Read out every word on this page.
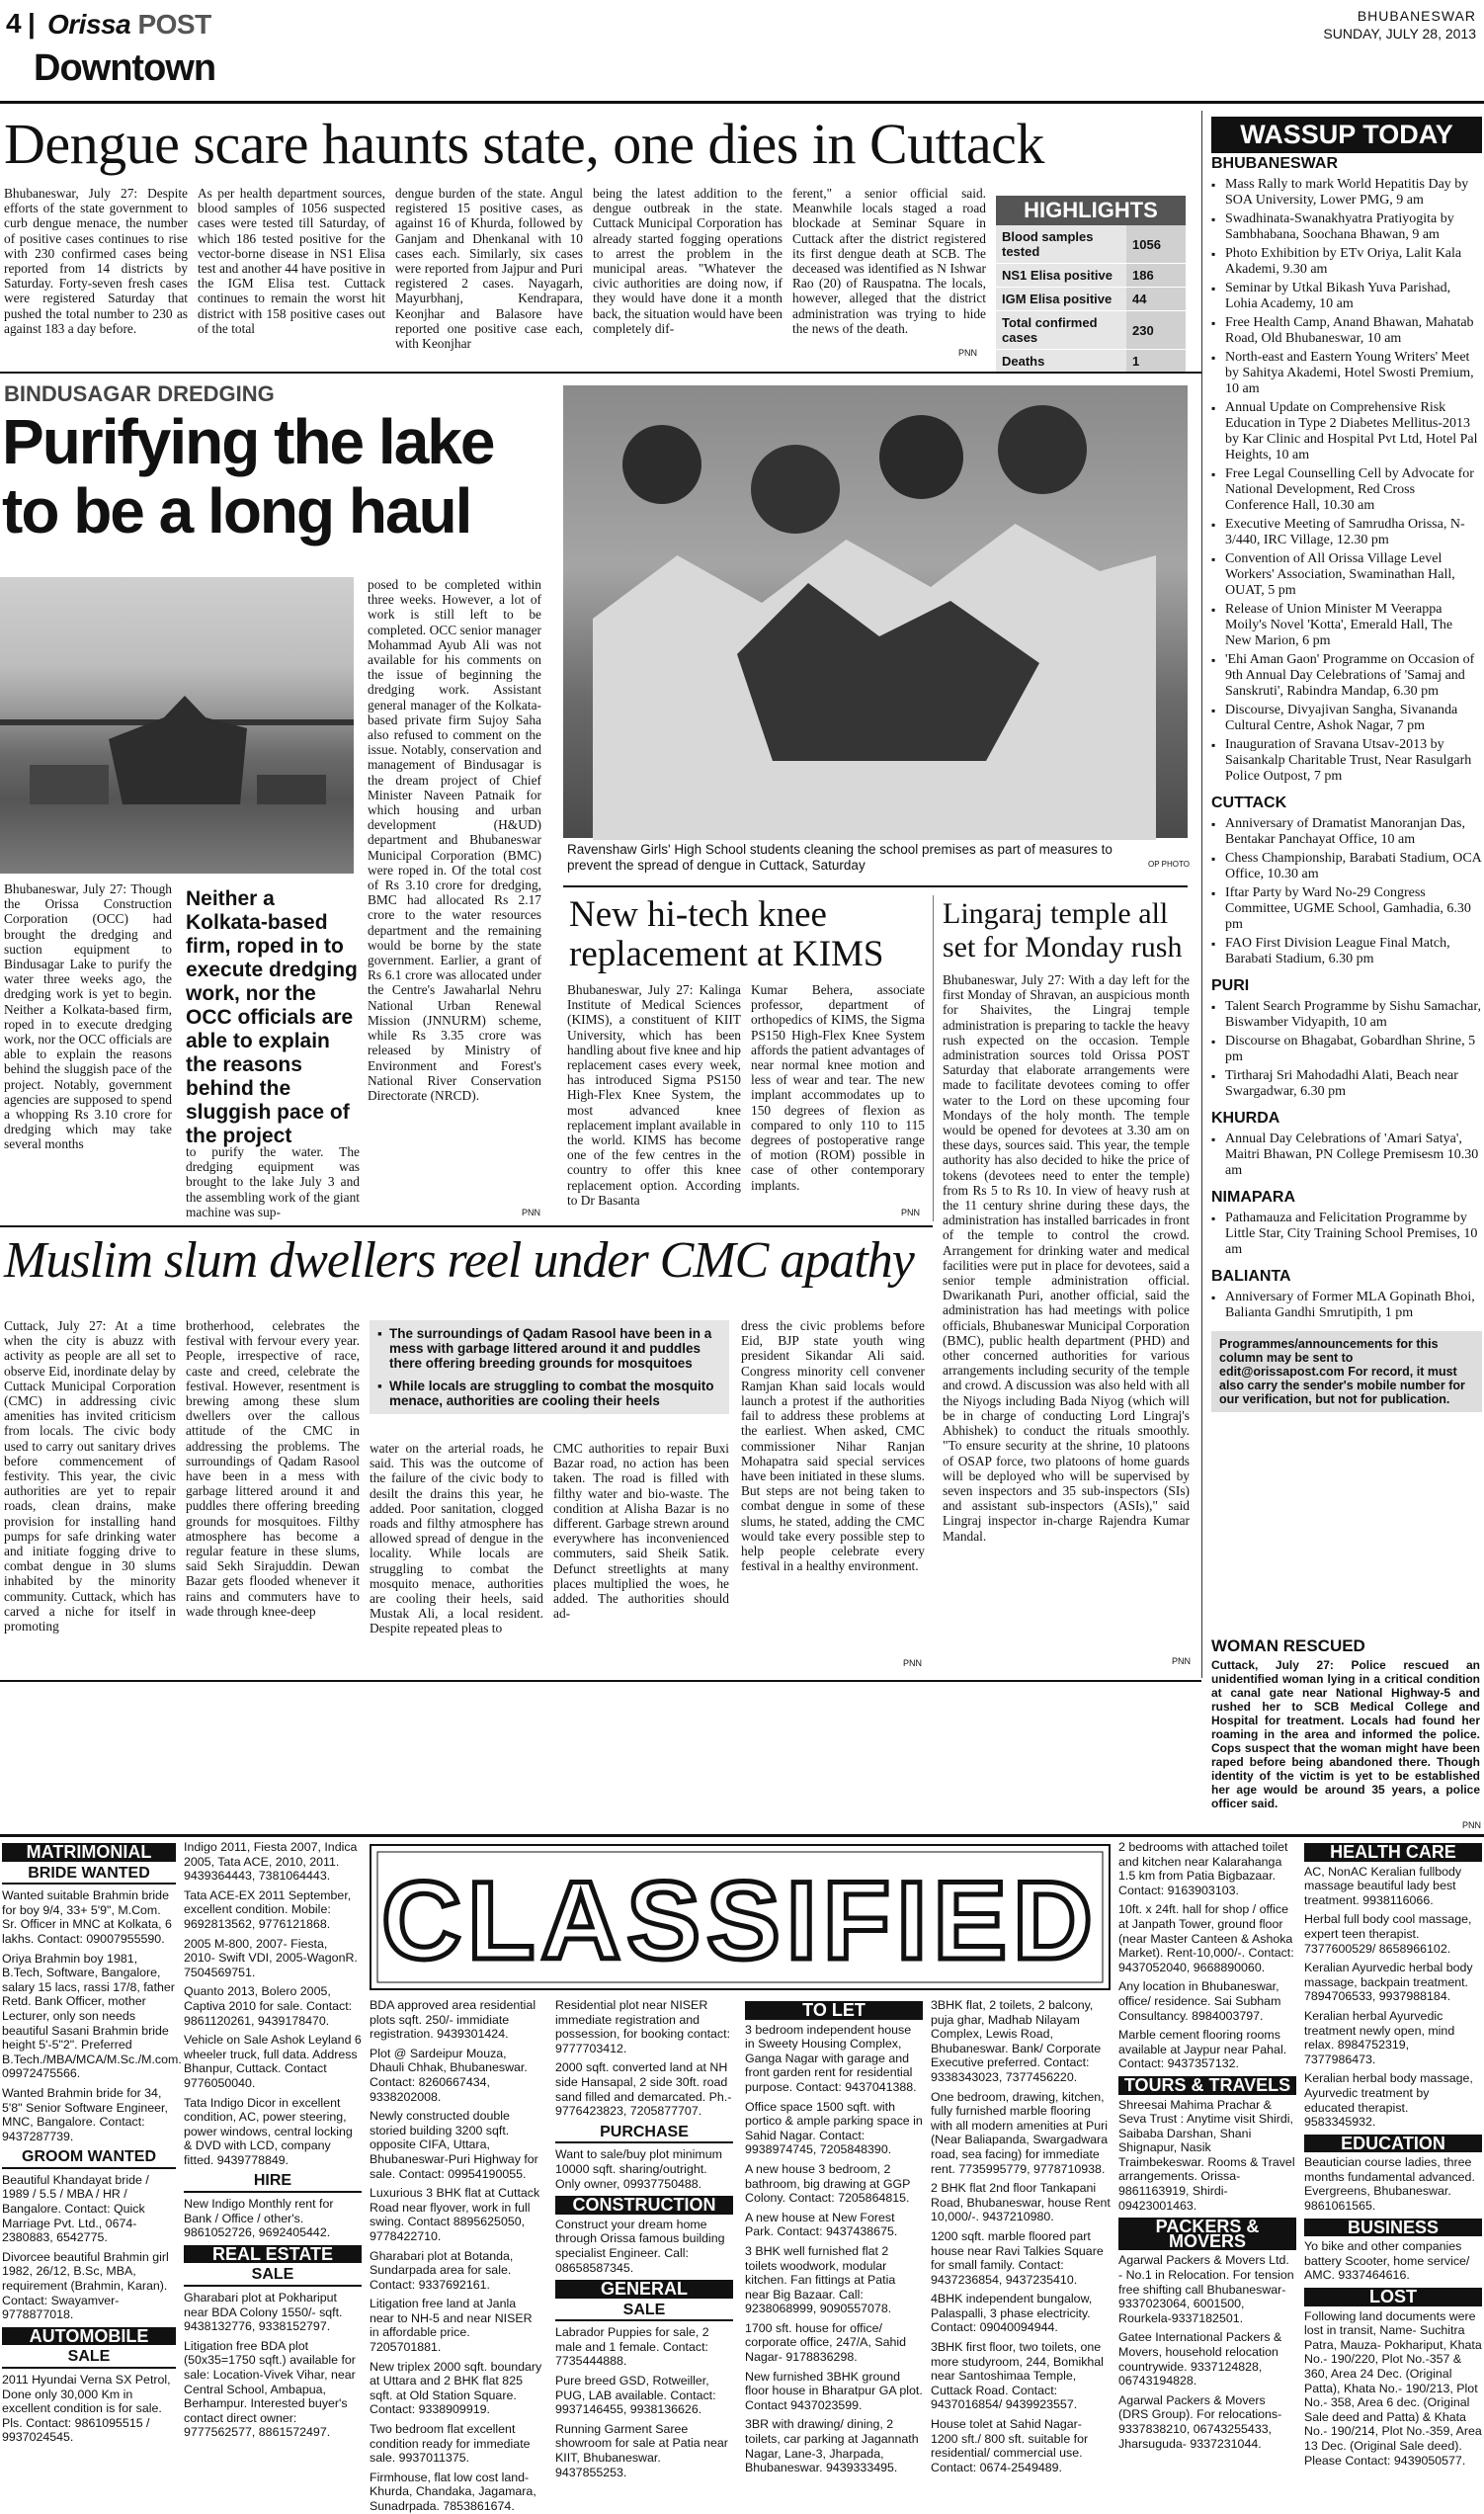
4 | Orissa POST
Downtown
BHUBANESWAR
SUNDAY, JULY 28, 2013
Dengue scare haunts state, one dies in Cuttack

Bhubaneswar, July 27: Despite efforts of the state government to curb dengue menace, the number of positive cases continues to rise with 230 confirmed cases being reported from 14 districts by Saturday. Forty-seven fresh cases were registered Saturday that pushed the total number to 230 as against 183 a day before.

As per health department sources, blood samples of 1056 suspected cases were tested till Saturday, of which 186 tested positive for the vector-borne disease in NS1 Elisa test and another 44 have positive in the IGM Elisa test. Cuttack continues to remain the worst hit district with 158 positive cases out of the total

dengue burden of the state. Angul registered 15 positive cases, as against 16 of Khurda, followed by Ganjam and Dhenkanal with 10 cases each. Similarly, six cases were reported from Jajpur and Puri registered 2 cases. Nayagarh, Mayurbhanj, Kendrapara, Keonjhar and Balasore have reported one positive case each, with Keonjhar

being the latest addition to the dengue outbreak in the state. Cuttack Municipal Corporation has already started fogging operations to arrest the problem in the municipal areas. "Whatever the civic authorities are doing now, if they would have done it a month back, the situation would have been completely dif-

ferent," a senior official said. Meanwhile locals staged a road blockade at Seminar Square in Cuttack after the district registered its first dengue death at SCB. The deceased was identified as N Ishwar Rao (20) of Rauspatna. The locals, however, alleged that the district administration was trying to hide the news of the death.

PNN
HIGHLIGHTS
Blood samples tested	1056
NS1 Elisa positive	186
IGM Elisa positive	44
Total confirmed cases	230
Deaths	1
BINDUSAGAR DREDGING
Purifying the lake
to be a long haul

Bhubaneswar, July 27: Though the Orissa Construction Corporation (OCC) had brought the dredging and suction equipment to Bindusagar Lake to purify the water three weeks ago, the dredging work is yet to begin. Neither a Kolkata-based firm, roped in to execute dredging work, nor the OCC officials are able to explain the reasons behind the sluggish pace of the project. Notably, government agencies are supposed to spend a whopping Rs 3.10 crore for dredging which may take several months

Neither a Kolkata-based firm, roped in to execute dredging work, nor the OCC officials are able to explain the reasons behind the sluggish pace of the project

to purify the water. The dredging equipment was brought to the lake July 3 and the assembling work of the giant machine was sup-

posed to be completed within three weeks. However, a lot of work is still left to be completed. OCC senior manager Mohammad Ayub Ali was not available for his comments on the issue of beginning the dredging work. Assistant general manager of the Kolkata-based private firm Sujoy Saha also refused to comment on the issue. Notably, conservation and management of Bindusagar is the dream project of Chief Minister Naveen Patnaik for which housing and urban development (H&UD) department and Bhubaneswar Municipal Corporation (BMC) were roped in. Of the total cost of Rs 3.10 crore for dredging, BMC had allocated Rs 2.17 crore to the water resources department and the remaining would be borne by the state government. Earlier, a grant of Rs 6.1 crore was allocated under the Centre's Jawaharlal Nehru National Urban Renewal Mission (JNNURM) scheme, while Rs 3.35 crore was released by Ministry of Environment and Forest's National River Conservation Directorate (NRCD).

PNN
Ravenshaw Girls' High School students cleaning the school premises as part of measures to prevent the spread of dengue in Cuttack, Saturday	OP PHOTO
New hi-tech knee replacement at KIMS

Bhubaneswar, July 27: Kalinga Institute of Medical Sciences (KIMS), a constituent of KIIT University, which has been handling about five knee and hip replacement cases every week, has introduced Sigma PS150 High-Flex Knee System, the most advanced knee replacement implant available in the world. KIMS has become one of the few centres in the country to offer this knee replacement option. According to Dr Basanta

Kumar Behera, associate professor, department of orthopedics of KIMS, the Sigma PS150 High-Flex Knee System affords the patient advantages of near normal knee motion and less of wear and tear. The new implant accommodates up to 150 degrees of flexion as compared to only 110 to 115 degrees of postoperative range of motion (ROM) possible in case of other contemporary implants.

PNN
Lingaraj temple all set for Monday rush

Bhubaneswar, July 27: With a day left for the first Monday of Shravan, an auspicious month for Shaivites, the Lingraj temple administration is preparing to tackle the heavy rush expected on the occasion. Temple administration sources told Orissa POST Saturday that elaborate arrangements were made to facilitate devotees coming to offer water to the Lord on these upcoming four Mondays of the holy month. The temple would be opened for devotees at 3.30 am on these days, sources said. This year, the temple authority has also decided to hike the price of tokens (devotees need to enter the temple) from Rs 5 to Rs 10. In view of heavy rush at the 11 century shrine during these days, the administration has installed barricades in front of the temple to control the crowd. Arrangement for drinking water and medical facilities were put in place for devotees, said a senior temple administration official. Dwarikanath Puri, another official, said the administration has had meetings with police officials, Bhubaneswar Municipal Corporation (BMC), public health department (PHD) and other concerned authorities for various arrangements including security of the temple and crowd. A discussion was also held with all the Niyogs including Bada Niyog (which will be in charge of conducting Lord Lingraj's Abhishek) to conduct the rituals smoothly. "To ensure security at the shrine, 10 platoons of OSAP force, two platoons of home guards will be deployed who will be supervised by seven inspectors and 35 sub-inspectors (SIs) and assistant sub-inspectors (ASIs)," said Lingraj inspector in-charge Rajendra Kumar Mandal.

PNN
Muslim slum dwellers reel under CMC apathy

Cuttack, July 27: At a time when the city is abuzz with activity as people are all set to observe Eid, inordinate delay by Cuttack Municipal Corporation (CMC) in addressing civic amenities has invited criticism from locals. The civic body used to carry out sanitary drives before commencement of festivity. This year, the civic authorities are yet to repair roads, clean drains, make provision for installing hand pumps for safe drinking water and initiate fogging drive to combat dengue in 30 slums inhabited by the minority community. Cuttack, which has carved a niche for itself in promoting

brotherhood, celebrates the festival with fervour every year. People, irrespective of race, caste and creed, celebrate the festival. However, resentment is brewing among these slum dwellers over the callous attitude of the CMC in addressing the problems. The surroundings of Qadam Rasool have been in a mess with garbage littered around it and puddles there offering breeding grounds for mosquitoes. Filthy atmosphere has become a regular feature in these slums, said Sekh Sirajuddin. Dewan Bazar gets flooded whenever it rains and commuters have to wade through knee-deep

▪ The surroundings of Qadam Rasool have been in a mess with garbage littered around it and puddles there offering breeding grounds for mosquitoes
▪ While locals are struggling to combat the mosquito menace, authorities are cooling their heels

water on the arterial roads, he said. This was the outcome of the failure of the civic body to desilt the drains this year, he added. Poor sanitation, clogged roads and filthy atmosphere has allowed spread of dengue in the locality. While locals are struggling to combat the mosquito menace, authorities are cooling their heels, said Mustak Ali, a local resident. Despite repeated pleas to

CMC authorities to repair Buxi Bazar road, no action has been taken. The road is filled with filthy water and bio-waste. The condition at Alisha Bazar is no different. Garbage strewn around everywhere has inconvenienced commuters, said Sheik Satik. Defunct streetlights at many places multiplied the woes, he added. The authorities should ad-

dress the civic problems before Eid, BJP state youth wing president Sikandar Ali said. Congress minority cell convener Ramjan Khan said locals would launch a protest if the authorities fail to address these problems at the earliest. When asked, CMC commissioner Nihar Ranjan Mohapatra said special services have been initiated in these slums. But steps are not being taken to combat dengue in some of these slums, he stated, adding the CMC would take every possible step to help people celebrate every festival in a healthy environment.

PNN
WASSUP TODAY
BHUBANESWAR
▪ Mass Rally to mark World Hepatitis Day by SOA University, Lower PMG, 9 am
▪ Swadhinata-Swanakhyatra Pratiyogita by Sambhabana, Soochana Bhawan, 9 am
▪ Photo Exhibition by ETv Oriya, Lalit Kala Akademi, 9.30 am
▪ Seminar by Utkal Bikash Yuva Parishad, Lohia Academy, 10 am
▪ Free Health Camp, Anand Bhawan, Mahatab Road, Old Bhubaneswar, 10 am
▪ North-east and Eastern Young Writers' Meet by Sahitya Akademi, Hotel Swosti Premium, 10 am
▪ Annual Update on Comprehensive Risk Education in Type 2 Diabetes Mellitus-2013 by Kar Clinic and Hospital Pvt Ltd, Hotel Pal Heights, 10 am
▪ Free Legal Counselling Cell by Advocate for National Development, Red Cross Conference Hall, 10.30 am
▪ Executive Meeting of Samrudha Orissa, N-3/440, IRC Village, 12.30 pm
▪ Convention of All Orissa Village Level Workers' Association, Swaminathan Hall, OUAT, 5 pm
▪ Release of Union Minister M Veerappa Moily's Novel 'Kotta', Emerald Hall, The New Marion, 6 pm
▪ 'Ehi Aman Gaon' Programme on Occasion of 9th Annual Day Celebrations of 'Samaj and Sanskruti', Rabindra Mandap, 6.30 pm
▪ Discourse, Divyajivan Sangha, Sivananda Cultural Centre, Ashok Nagar, 7 pm
▪ Inauguration of Sravana Utsav-2013 by Saisankalp Charitable Trust, Near Rasulgarh Police Outpost, 7 pm
CUTTACK
▪ Anniversary of Dramatist Manoranjan Das, Bentakar Panchayat Office, 10 am
▪ Chess Championship, Barabati Stadium, OCA Office, 10.30 am
▪ Iftar Party by Ward No-29 Congress Committee, UGME School, Gamhadia, 6.30 pm
▪ FAO First Division League Final Match, Barabati Stadium, 6.30 pm
PURI
▪ Talent Search Programme by Sishu Samachar, Biswamber Vidyapith, 10 am
▪ Discourse on Bhagabat, Gobardhan Shrine, 5 pm
▪ Tirtharaj Sri Mahodadhi Alati, Beach near Swargadwar, 6.30 pm
KHURDA
▪ Annual Day Celebrations of 'Amari Satya', Maitri Bhawan, PN College Premisesm 10.30 am
NIMAPARA
▪ Pathamauza and Felicitation Programme by Little Star, City Training School Premises, 10 am
BALIANTA
▪ Anniversary of Former MLA Gopinath Bhoi, Balianta Gandhi Smrutipith, 1 pm
Programmes/announcements for this column may be sent to edit@orissapost.com For record, it must also carry the sender's mobile number for our verification, but not for publication.
WOMAN RESCUED
Cuttack, July 27: Police rescued an unidentified woman lying in a critical condition at canal gate near National Highway-5 and rushed her to SCB Medical College and Hospital for treatment. Locals had found her roaming in the area and informed the police. Cops suspect that the woman might have been raped before being abandoned there. Though identity of the victim is yet to be established her age would be around 35 years, a police officer said.
PNN
MATRIMONIAL
BRIDE WANTED

Wanted suitable Brahmin bride for boy 9/4, 33+ 5'9", M.Com. Sr. Officer in MNC at Kolkata, 6 lakhs. Contact: 09007955590.

Oriya Brahmin boy 1981, B.Tech, Software, Bangalore, salary 15 lacs, rassi 17/8, father Retd. Bank Officer, mother Lecturer, only son needs beautiful Sasani Brahmin bride height 5'-5"2". Preferred B.Tech./MBA/MCA/M.Sc./M.com. 09972475566.

Wanted Brahmin bride for 34, 5'8" Senior Software Engineer, MNC, Bangalore. Contact: 9437287739.

GROOM WANTED

Beautiful Khandayat bride / 1989 / 5.5 / MBA / HR / Bangalore. Contact: Quick Marriage Pvt. Ltd., 0674-2380883, 6542775.

Divorcee beautiful Brahmin girl 1982, 26/12, B.Sc, MBA, requirement (Brahmin, Karan). Contact: Swayamver-9778877018.

AUTOMOBILE
SALE

2011 Hyundai Verna SX Petrol, Done only 30,000 Km in excellent condition is for sale. Pls. Contact: 9861095515 / 9937024545.

Indigo 2011, Fiesta 2007, Indica 2005, Tata ACE, 2010, 2011. 9439364443, 7381064443.

Tata ACE-EX 2011 September, excellent condition. Mobile: 9692813562, 9776121868.

2005 M-800, 2007- Fiesta, 2010- Swift VDI, 2005-WagonR. 7504569751.

Quanto 2013, Bolero 2005, Captiva 2010 for sale. Contact: 9861120261, 9439178470.

Vehicle on Sale Ashok Leyland 6 wheeler truck, full data. Address Bhanpur, Cuttack. Contact 9776050040.

Tata Indigo Dicor in excellent condition, AC, power steering, power windows, central locking & DVD with LCD, company fitted. 9439778849.

HIRE

New Indigo Monthly rent for Bank / Office / other's. 9861052726, 9692405442.

REAL ESTATE
SALE

Gharabari plot at Pokhariput near BDA Colony 1550/- sqft. 9438132776, 9338152797.

Litigation free BDA plot (50x35=1750 sqft.) available for sale: Location-Vivek Vihar, near Central School, Ambapua, Berhampur. Interested buyer's contact direct owner: 9777562577, 8861572497.

CLASSIFIED

BDA approved area residential plots sqft. 250/- immidiate registration. 9439301424.

Plot @ Sardeipur Mouza, Dhauli Chhak, Bhubaneswar. Contact: 8260667434, 9338202008.

Newly constructed double storied building 3200 sqft. opposite CIFA, Uttara, Bhubaneswar-Puri Highway for sale. Contact: 09954190055.

Luxurious 3 BHK flat at Cuttack Road near flyover, work in full swing. Contact 8895625050, 9778422710.

Gharabari plot at Botanda, Sundarpada area for sale. Contact: 9337692161.

Litigation free land at Janla near to NH-5 and near NISER in affordable price. 7205701881.

New triplex 2000 sqft. boundary at Uttara and 2 BHK flat 825 sqft. at Old Station Square. Contact: 9338909919.

Two bedroom flat excellent condition ready for immediate sale. 9937011375.

Firmhouse, flat low cost land-Khurda, Chandaka, Jagamara, Sunadrpada. 7853861674.

Residential plot near NISER immediate registration and possession, for booking contact: 9777703412.

2000 sqft. converted land at NH side Hansapal, 2 side 30ft. road sand filled and demarcated. Ph.- 9776423823, 7205877707.

PURCHASE

Want to sale/buy plot minimum 10000 sqft. sharing/outright. Only owner, 09937750488.

CONSTRUCTION

Construct your dream home through Orissa famous building specialist Engineer. Call: 08658587345.

GENERAL
SALE

Labrador Puppies for sale, 2 male and 1 female. Contact: 7735444888.

Pure breed GSD, Rotweiller, PUG, LAB available. Contact: 9937146455, 9938136626.

Running Garment Saree showroom for sale at Patia near KIIT, Bhubaneswar. 9437855253.

TO LET

3 bedroom independent house in Sweety Housing Complex, Ganga Nagar with garage and front garden rent for residential purpose. Contact: 9437041388.

Office space 1500 sqft. with portico & ample parking space in Sahid Nagar. Contact: 9938974745, 7205848390.

A new house 3 bedroom, 2 bathroom, big drawing at GGP Colony. Contact: 7205864815.

A new house at New Forest Park. Contact: 9437438675.

3 BHK well furnished flat 2 toilets woodwork, modular kitchen. Fan fittings at Patia near Big Bazaar. Call: 9238068999, 9090557078.

1700 sft. house for office/ corporate office, 247/A, Sahid Nagar- 9178836298.

New furnished 3BHK ground floor house in Bharatpur GA plot. Contact 9437023599.

3BR with drawing/ dining, 2 toilets, car parking at Jagannath Nagar, Lane-3, Jharpada, Bhubaneswar. 9439333495.

3BHK flat, 2 toilets, 2 balcony, puja ghar, Madhab Nilayam Complex, Lewis Road, Bhubaneswar. Bank/ Corporate Executive preferred. Contact: 9338343023, 7377456220.

One bedroom, drawing, kitchen, fully furnished marble flooring with all modern amenities at Puri (Near Baliapanda, Swargadwara road, sea facing) for immediate rent. 7735995779, 9778710938.

2 BHK flat 2nd floor Tankapani Road, Bhubaneswar, house Rent 10,000/-. 9437210980.

1200 sqft. marble floored part house near Ravi Talkies Square for small family. Contact: 9437236854, 9437235410.

4BHK independent bungalow, Palaspalli, 3 phase electricity. Contact: 09040094944.

3BHK first floor, two toilets, one more studyroom, 244, Bomikhal near Santoshimaa Temple, Cuttack Road. Contact: 9437016854/ 9439923557.

House tolet at Sahid Nagar- 1200 sft./ 800 sft. suitable for residential/ commercial use. Contact: 0674-2549489.

2 bedrooms with attached toilet and kitchen near Kalarahanga 1.5 km from Patia Bigbazaar. Contact: 9163903103.

10ft. x 24ft. hall for shop / office at Janpath Tower, ground floor (near Master Canteen & Ashoka Market). Rent-10,000/-. Contact: 9437052040, 9668890060.

Any location in Bhubaneswar, office/ residence. Sai Subham Consultancy. 8984003797.

Marble cement flooring rooms available at Jaypur near Pahal. Contact: 9437357132.

TOURS & TRAVELS

Shreesai Mahima Prachar & Seva Trust : Anytime visit Shirdi, Saibaba Darshan, Shani Shignapur, Nasik Traimbekeswar. Rooms & Travel arrangements. Orissa- 9861163919, Shirdi- 09423001463.

PACKERS & MOVERS

Agarwal Packers & Movers Ltd. - No.1 in Relocation. For tension free shifting call Bhubaneswar- 9337023064, 6001500, Rourkela-9337182501.

Gatee International Packers & Movers, household relocation countrywide. 9337124828, 06743194828.

Agarwal Packers & Movers (DRS Group). For relocations-9337838210, 06743255433, Jharsuguda- 9337231044.

HEALTH CARE

AC, NonAC Keralian fullbody massage beautiful lady best treatment. 9938116066.

Herbal full body cool massage, expert teen therapist. 7377600529/ 8658966102.

Keralian Ayurvedic herbal body massage, backpain treatment. 7894706533, 9937988184.

Keralian herbal Ayurvedic treatment newly open, mind relax. 8984752319, 7377986473.

Keralian herbal body massage, Ayurvedic treatment by educated therapist. 9583345932.

EDUCATION

Beautician course ladies, three months fundamental advanced. Evergreens, Bhubaneswar. 9861061565.

BUSINESS

Yo bike and other companies battery Scooter, home service/ AMC. 9337464616.

LOST

Following land documents were lost in transit, Name- Suchitra Patra, Mauza- Pokhariput, Khata No.- 190/220, Plot No.-357 & 360, Area 24 Dec. (Original Patta), Khata No.- 190/213, Plot No.- 358, Area 6 dec. (Original Sale deed and Patta) & Khata No.- 190/214, Plot No.-359, Area 13 Dec. (Original Sale deed). Please Contact: 9439050577.
